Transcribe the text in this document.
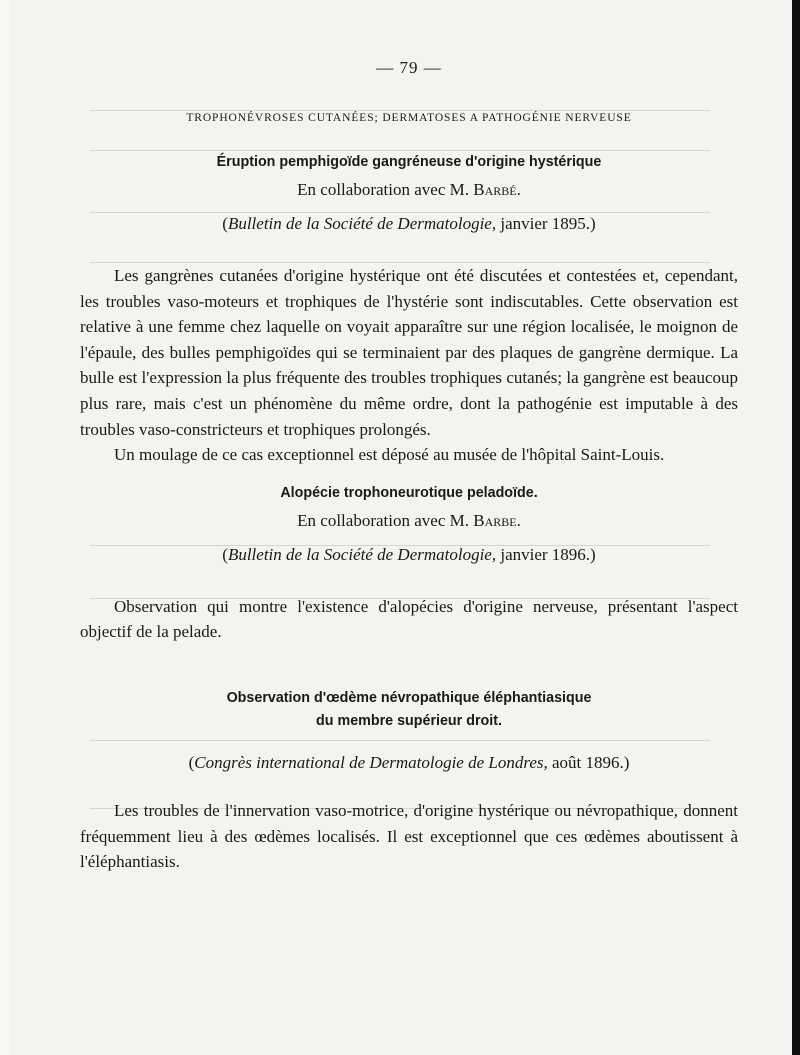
— 79 —
TROPHONÉVROSES CUTANÉES; DERMATOSES A PATHOGÉNIE NERVEUSE
Éruption pemphigoïde gangréneuse d'origine hystérique
En collaboration avec M. Barbé.
(Bulletin de la Société de Dermatologie, janvier 1895.)

Les gangrènes cutanées d'origine hystérique ont été discutées et contestées et, cependant, les troubles vaso-moteurs et trophiques de l'hystérie sont indiscutables. Cette observation est relative à une femme chez laquelle on voyait apparaître sur une région localisée, le moignon de l'épaule, des bulles pemphigoïdes qui se terminaient par des plaques de gangrène dermique. La bulle est l'expression la plus fréquente des troubles trophiques cutanés; la gangrène est beaucoup plus rare, mais c'est un phénomène du même ordre, dont la pathogénie est imputable à des troubles vaso-constricteurs et trophiques prolongés.

Un moulage de ce cas exceptionnel est déposé au musée de l'hôpital Saint-Louis.

Alopécie trophoneurotique peladoïde.
En collaboration avec M. Barbe.
(Bulletin de la Société de Dermatologie, janvier 1896.)

Observation qui montre l'existence d'alopécies d'origine nerveuse, présentant l'aspect objectif de la pelade.

Observation d'œdème névropathique éléphantiasique
du membre supérieur droit.
(Congrès international de Dermatologie de Londres, août 1896.)

Les troubles de l'innervation vaso-motrice, d'origine hystérique ou névropathique, donnent fréquemment lieu à des œdèmes localisés. Il est exceptionnel que ces œdèmes aboutissent à l'éléphantiasis.
